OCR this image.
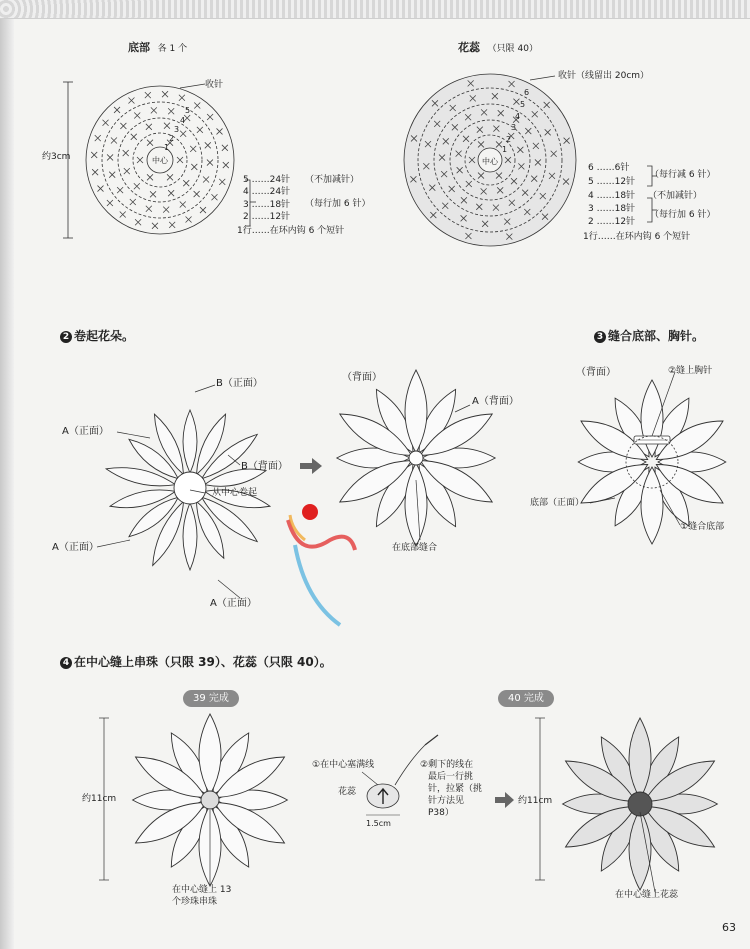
底部 各 1 个
收针
约3cm	中心
5
4
3
2
1
5 ……24针 （不加减针）
4 ……24针
3 ……18针 （每行加 6 针）
2 ……12针
1行……在环内钩 6 个短针
花蕊 （只限 40）
收针（线留出 20cm）
中心
6
5
4
3
2
1
6 ……6针
（每行减 6 针）
5 ……12针
4 ……18针 （不加减针）
3 ……18针
（每行加 6 针）
2 ……12针
1行……在环内钩 6 个短针
2 卷起花朵。
B（正面）
A（正面）
B（背面）
从中心卷起
A（正面）
A（正面）
（背面）
A（背面）
在底部缝合
3 缝合底部、胸针。
（背面）	②缝上胸针
底部（正面）
①缝合底部
4 在中心缝上串珠（只限 39）、花蕊（只限 40）。
39 完成	40 完成
约11cm	约11cm
在中心缝上 13
个珍珠串珠
①在中心塞满线
花蕊
1.5cm
②剩下的线在
最后一行挑
针，拉紧（挑
针方法见
P38）
在中心缝上花蕊
63
